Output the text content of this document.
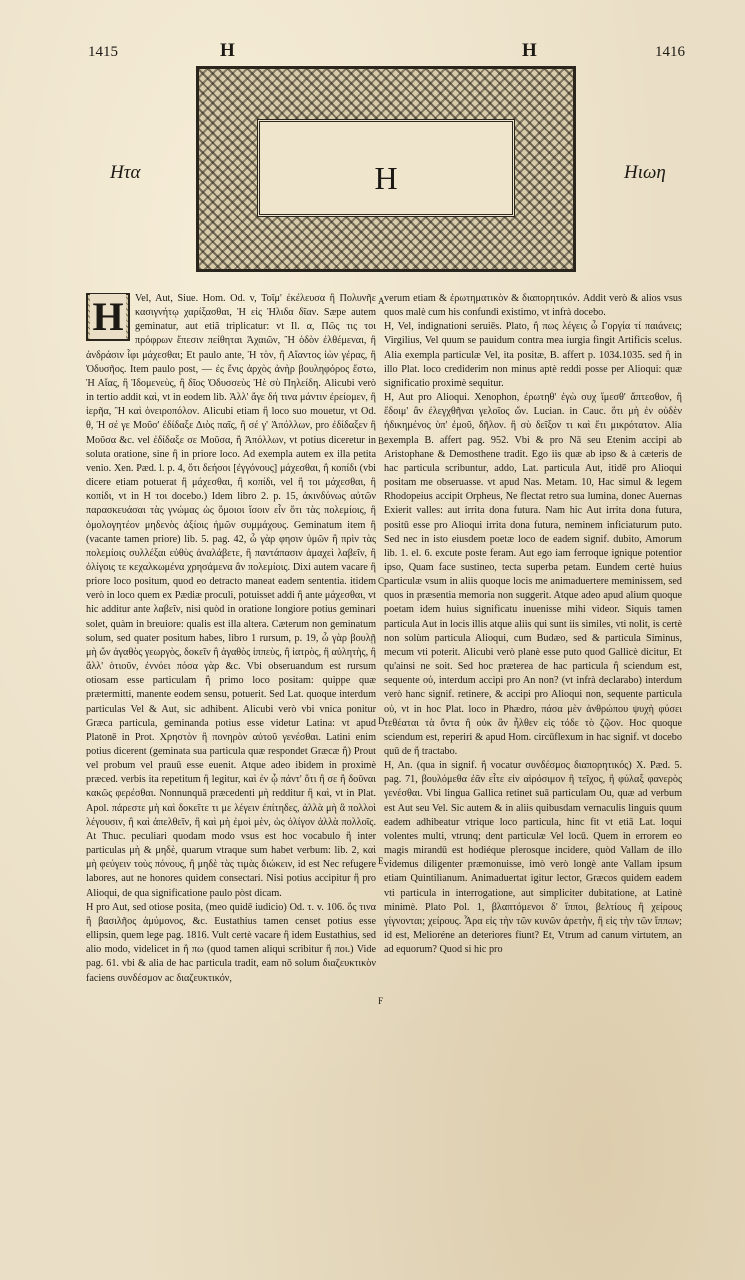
1415	H	H	1416
H
Hτα	Hιωη
A
B
C
D
E
F
H	Vel, Aut, Siue. Hom. Od. v, Τοῖμ' ἐκέλευσα ἢ Πολυνῆε κασιγνήτῳ χαρίξασθαι, Ἠ εἰς Ἠλιδα δῖαν. Sæpe autem geminatur, aut etiã triplicatur: vt Il. α, Πῶς τις τοι πρόφρων ἔπεσιν πείθηται Ἀχαιῶν, Ἢ ὁδὸν ἐλθέμεναι, ἢ ἀνδράσιν ἶφι μάχεσθαι; Et paulo ante, Ἠ τὸν, ἢ Αἴαντος ἰὼν γέρας, ἢ Ὀδυσῆος. Item paulo post, — ἐς ἕνις ἀρχὸς ἀνὴρ βουληφόρος ἔστω, Ἠ Αἴας, ἢ Ἰδομενεὺς, ἢ δῖος Ὀδυσσεὺς Ἠὲ σὺ Πηλείδη. Alicubi verò in tertio addit καὶ, vt in eodem lib. Ἀλλ' ἄγε δή τινα μάντιν ἐρείομεν, ἢ ἱερῆα, Ἢ καὶ ὀνειροπόλον. Alicubi etiam ἢ loco suo mouetur, vt Od. θ, Ἠ σέ γε Μοῦσ' ἐδίδαξε Διὸς παῖς, ἢ σέ γ' Ἀπόλλων, pro ἐδίδαξεν ἢ Μοῦσα &c. vel ἐδίδαξε σε Μοῦσα, ἢ Ἀπόλλων, vt potius diceretur in soluta oratione, sine ἢ in priore loco. Ad exempla autem ex illa petita venio. Xen. Pæd. l. p. 4, ὅτι δεήσοι [ἐγγόνους] μάχεσθαι, ἢ κοπίδι (vbi dicere etiam potuerat ἢ μάχεσθαι, ἢ κοπίδι, vel ἢ τοι μάχεσθαι, ἢ κοπίδι, vt in H τοι docebo.) Idem libro 2. p. 15, ἀκινδύνως αὐτῶν παρασκευάσαι τὰς γνώμας ὡς ὅμοιοι ἴσοιν εἶν ὅτι τὰς πολεμίοις, ἢ ὁμολογητέον μηδενὸς ἀξίοις ἡμῶν συμμάχους. Geminatum item ἢ (vacante tamen priore) lib. 5. pag. 42, ὦ γὰρ φησιν ὑμῶν ἢ πρὶν τὰς πολεμίοις συλλέξαι εὐθὺς ἀναλάβετε, ἢ παντάπασιν ἀμαχεὶ λαβεῖν, ἢ ὀλίγοις τε κεχαλκωμένα χρησάμενα ἂν πολεμίοις. Dixi autem vacare ἢ priore loco positum, quod eo detracto maneat eadem sententia. itidem verò in loco quem ex Pædiæ proculi, potuisset addi ἢ ante μάχεσθαι, vt hic additur ante λαβεῖν, nisi quòd in oratione longiore potius geminari solet, quàm in breuiore: qualis est illa altera. Cæterum non geminatum solum, sed quater positum habes, libro 1 rursum, p. 19, ὦ γὰρ βουλῇ μὴ ὤν ἀγαθὸς γεωργὸς, δοκεῖν ἢ ἀγαθὸς ἱππεὺς, ἢ ἰατρὸς, ἢ αὐλητὴς, ἢ ἄλλ' ὁτιοῦν, ἐννόει πόσα γὰρ &c. Vbi obseruandum est rursum otiosam esse particulam ἢ primo loco positam: quippe quæ prætermitti, manente eodem sensu, potuerit. Sed Lat. quoque interdum particulas Vel & Aut, sic adhibent. Alicubi verò vbi vnica ponitur Græca particula, geminanda potius esse videtur Latina: vt apud Platonē in Prot. Χρηστὸν ἢ πονηρὸν αὐτοῦ γενέσθαι. Latini enim potius dicerent (geminata sua particula quæ respondet Græcæ ἢ) Prout vel probum vel prauū esse euenit. Atque adeo ibidem in proximè præced. verbis ita repetitum ἢ legitur, καὶ ἐν ᾧ πάντ' ὅτι ἢ σε ἢ δοῦναι κακῶς φερέσθαι. Nonnunquā præcedenti μὴ redditur ἢ καὶ, vt in Plat. Apol. πάρεστε μὴ καὶ δοκεῖτε τι με λέγειν ἐπίτηδες, ἀλλὰ μὴ ἃ πολλοὶ λέγουσιν, ἢ καὶ ἀπελθεῖν, ἢ καὶ μὴ ἐμοὶ μὲν, ὡς ὀλίγον ἀλλὰ πολλοῖς. At Thuc. peculiari quodam modo vsus est hoc vocabulo ἢ inter particulas μὴ & μηδὲ, quarum vtraque sum habet verbum: lib. 2, καὶ μὴ φεύγειν τοὺς πόνους, ἢ μηδὲ τὰς τιμὰς διώκειν, id est Nec refugere labores, aut ne honores quidem consectari. Nisi potius accipitur ἢ pro Alioqui, de qua significatione paulo pòst dicam.
H pro Aut, sed otiose posita, (meo quidē iudicio) Od. τ. v. 106. ὅς τινα ἢ βασιλῆος ἀμύμονος, &c. Eustathius tamen censet potius esse ellipsin, quem lege pag. 1816. Vult certè vacare ἢ idem Eustathius, sed alio modo, videlicet in ἢ πω (quod tamen aliqui scribitur ἢ ποι.) Vide pag. 61. vbi & alia de hac particula tradit, eam nō solum διαζευκτικὸν faciens συνδέσμον ac διαζευκτικόν,

verum etiam & ἐρωτηματικὸν & διαπορητικόν. Addit verò & alios vsus quos malè cum his confundi existimo, vt infrà docebo.
H, Vel, indignationi seruiēs. Plato, ἢ πως λέγεις ὦ Γοργία τί παιάνεις; Virgilius, Vel quum se pauidum contra mea iurgia fingit Artificis scelus. Alia exempla particulæ Vel, ita positæ, B. affert p. 1034.1035. sed ἢ in illo Plat. loco crediderim non minus aptè reddi posse per Alioqui: quæ significatio proximè sequitur.
H, Aut pro Alioqui. Xenophon, ἐρωτηθ' ἐγὼ συχ ἵμεσθ' ἄπτεσθον, ἢ ἔδοιμ' ἂν ἐλεγχθῆναι γελοῖος ὤν. Lucian. in Cauc. ὅτι μὴ ἐν οὐδὲν ἠδικημένος ὑπ' ἐμοῦ, δῆλον. ἢ σὺ δεῖξον τι καὶ ἔτι μικρότατον. Alia exempla B. affert pag. 952. Vbi & pro Nā seu Etenim accipi ab Aristophane & Demosthene tradit. Ego iis quæ ab ipso & à cæteris de hac particula scribuntur, addo, Lat. particula Aut, itidē pro Alioqui positam me obseruasse. vt apud Nas. Metam. 10, Hac simul & legem Rhodopeius accipit Orpheus, Ne flectat retro sua lumina, donec Auernas Exierit valles: aut irrita dona futura. Nam hic Aut irrita dona futura, positū esse pro Alioqui irrita dona futura, neminem inficiaturum puto. Sed nec in isto eiusdem poetæ loco de eadem signif. dubito, Amorum lib. 1. el. 6. excute poste feram. Aut ego iam ferroque ignique potentior ipso, Quam face sustineo, tecta superba petam. Eundem certè huius particulæ vsum in aliis quoque locis me animaduertere meminissem, sed quos in præsentia memoria non suggerit. Atque adeo apud alium quoque poetam idem huius significatu inuenisse mihi videor. Siquis tamen particula Aut in locis illis atque aliis qui sunt iis similes, vti nolit, is certè non solùm particula Alioqui, cum Budæo, sed & particula Siminus, mecum vti poterit. Alicubi verò planè esse puto quod Gallicè dicitur, Et qu'ainsi ne soit. Sed hoc præterea de hac particula ἢ sciendum est, sequente οὐ, interdum accipi pro An non? (vt infrà declarabo) interdum verò hanc signif. retinere, & accipi pro Alioqui non, sequente particula οὐ, vt in hoc Plat. loco in Phædro, πάσα μὲν ἀνθρώπου ψυχὴ φύσει τεθέαται τὰ ὄντα ἢ οὐκ ἂν ἦλθεν εἰς τόδε τὸ ζῷον. Hoc quoque sciendum est, reperiri & apud Hom. circūflexum in hac signif. vt docebo quū de ἤ tractabo.
H, An. (qua in signif. ἢ vocatur συνδέσμος διαπορητικός) X. Pæd. 5. pag. 71, βουλόμεθα ἐᾶν εἶτε εἰν αἱρόσιμον ἢ τεῖχος, ἢ φύλαξ φανερὸς γενέσθαι. Vbi lingua Gallica retinet suā particulam Ou, quæ ad verbum est Aut seu Vel. Sic autem & in aliis quibusdam vernaculis linguis quum eadem adhibeatur vtrique loco particula, hinc fit vt etiā Lat. loqui volentes multi, vtrunq; dent particulæ Vel locū. Quem in errorem eo magis mirandū est hodiéque plerosque incidere, quòd Vallam de illo videmus diligenter præmonuisse, imò verò longè ante Vallam ipsum etiam Quintilianum. Animaduertat igitur lector, Græcos quidem eadem vti particula in interrogatione, aut simpliciter dubitatione, at Latinè minimè. Plato Pol. 1, βλαπτόμενοι δ' ἵπποι, βελτίους ἢ χείρους γίγνονται; χείρους. Ἆρα εἰς τὴν τῶν κυνῶν ἀρετὴν, ἢ εἰς τὴν τῶν ἵππων; id est, Melioréne an deteriores fiunt? Et, Vtrum ad canum virtutem, an ad equorum? Quod si hic pro
